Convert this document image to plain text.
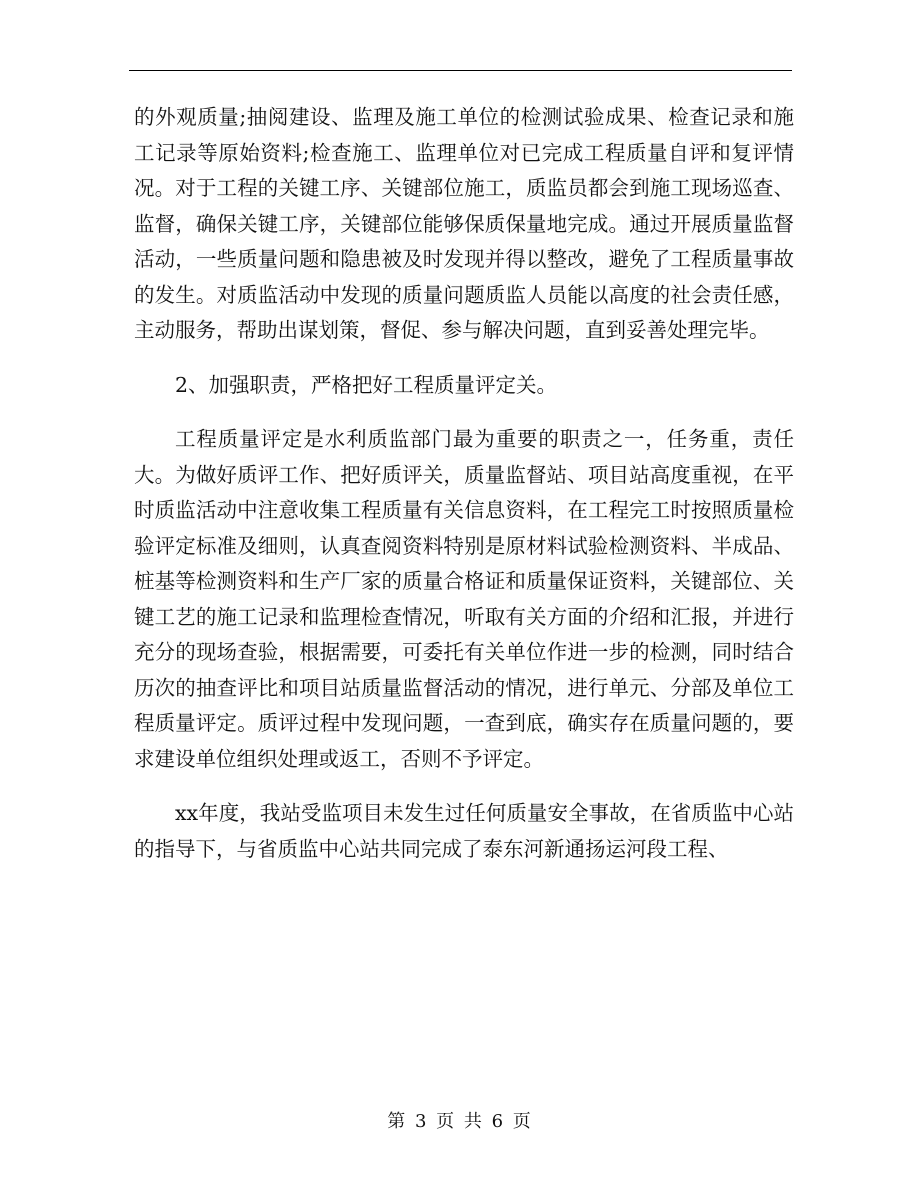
的外观质量;抽阅建设、监理及施工单位的检测试验成果、检查记录和施工记录等原始资料;检查施工、监理单位对已完成工程质量自评和复评情况。对于工程的关键工序、关键部位施工，质监员都会到施工现场巡查、监督，确保关键工序，关键部位能够保质保量地完成。通过开展质量监督活动，一些质量问题和隐患被及时发现并得以整改，避免了工程质量事故的发生。对质监活动中发现的质量问题质监人员能以高度的社会责任感，主动服务，帮助出谋划策，督促、参与解决问题，直到妥善处理完毕。

2、加强职责，严格把好工程质量评定关。

工程质量评定是水利质监部门最为重要的职责之一，任务重，责任大。为做好质评工作、把好质评关，质量监督站、项目站高度重视，在平时质监活动中注意收集工程质量有关信息资料，在工程完工时按照质量检验评定标准及细则，认真查阅资料特别是原材料试验检测资料、半成品、桩基等检测资料和生产厂家的质量合格证和质量保证资料，关键部位、关键工艺的施工记录和监理检查情况，听取有关方面的介绍和汇报，并进行充分的现场查验，根据需要，可委托有关单位作进一步的检测，同时结合历次的抽查评比和项目站质量监督活动的情况，进行单元、分部及单位工程质量评定。质评过程中发现问题，一查到底，确实存在质量问题的，要求建设单位组织处理或返工，否则不予评定。

xx年度，我站受监项目未发生过任何质量安全事故，在省质监中心站的指导下，与省质监中心站共同完成了泰东河新通扬运河段工程、

第 3 页 共 6 页
